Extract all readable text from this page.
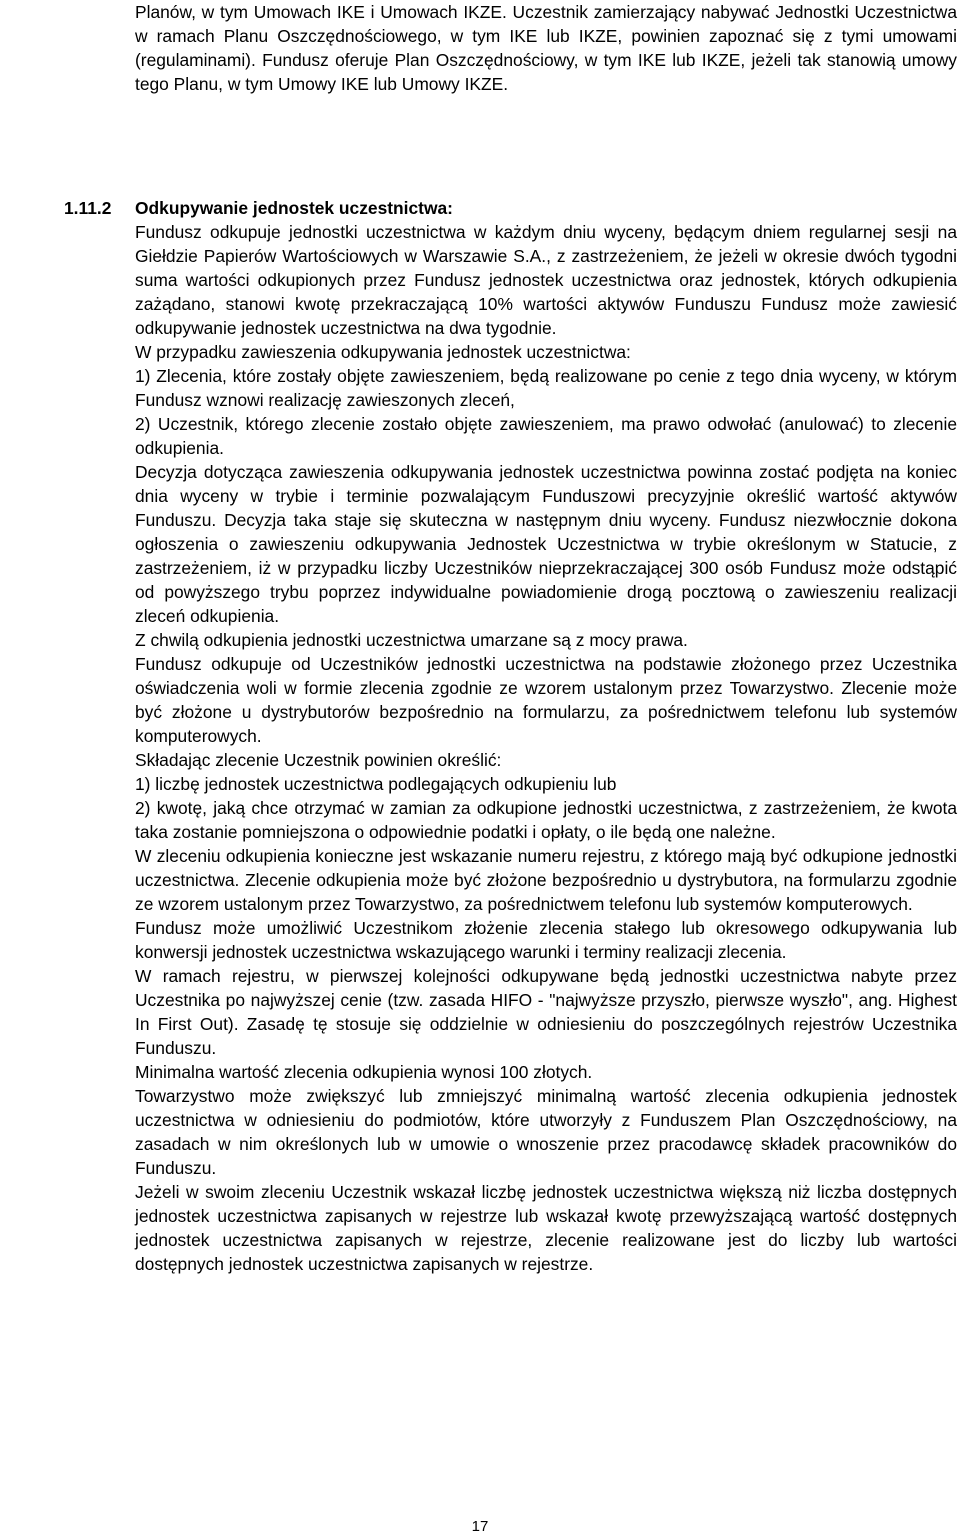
Planów, w tym Umowach IKE i Umowach IKZE. Uczestnik zamierzający nabywać Jednostki Uczestnictwa w ramach Planu Oszczędnościowego, w tym IKE lub IKZE, powinien zapoznać się z tymi umowami (regulaminami). Fundusz oferuje Plan Oszczędnościowy, w tym IKE lub IKZE, jeżeli tak stanowią umowy tego Planu, w tym Umowy IKE lub Umowy IKZE.

1.11.2 Odkupywanie jednostek uczestnictwa:

Fundusz odkupuje jednostki uczestnictwa w każdym dniu wyceny, będącym dniem regularnej sesji na Giełdzie Papierów Wartościowych w Warszawie S.A., z zastrzeżeniem, że jeżeli w okresie dwóch tygodni suma wartości odkupionych przez Fundusz jednostek uczestnictwa oraz jednostek, których odkupienia zażądano, stanowi kwotę przekraczającą 10% wartości aktywów Funduszu Fundusz może zawiesić odkupywanie jednostek uczestnictwa na dwa tygodnie.

W przypadku zawieszenia odkupywania jednostek uczestnictwa:

1) Zlecenia, które zostały objęte zawieszeniem, będą realizowane po cenie z tego dnia wyceny, w którym Fundusz wznowi realizację zawieszonych zleceń,

2) Uczestnik, którego zlecenie zostało objęte zawieszeniem, ma prawo odwołać (anulować) to zlecenie odkupienia.

Decyzja dotycząca zawieszenia odkupywania jednostek uczestnictwa powinna zostać podjęta na koniec dnia wyceny w trybie i terminie pozwalającym Funduszowi precyzyjnie określić wartość aktywów Funduszu. Decyzja taka staje się skuteczna w następnym dniu wyceny. Fundusz niezwłocznie dokona ogłoszenia o zawieszeniu odkupywania Jednostek Uczestnictwa w trybie określonym w Statucie, z zastrzeżeniem, iż w przypadku liczby Uczestników nieprzekraczającej 300 osób Fundusz może odstąpić od powyższego trybu poprzez indywidualne powiadomienie drogą pocztową o zawieszeniu realizacji zleceń odkupienia.

Z chwilą odkupienia jednostki uczestnictwa umarzane są z mocy prawa.

Fundusz odkupuje od Uczestników jednostki uczestnictwa na podstawie złożonego przez Uczestnika oświadczenia woli w formie zlecenia zgodnie ze wzorem ustalonym przez Towarzystwo. Zlecenie może być złożone u dystrybutorów bezpośrednio na formularzu, za pośrednictwem telefonu lub systemów komputerowych.

Składając zlecenie Uczestnik powinien określić:

1) liczbę jednostek uczestnictwa podlegających odkupieniu lub

2) kwotę, jaką chce otrzymać w zamian za odkupione jednostki uczestnictwa, z zastrzeżeniem, że kwota taka zostanie pomniejszona o odpowiednie podatki i opłaty, o ile będą one należne.

W zleceniu odkupienia konieczne jest wskazanie numeru rejestru, z którego mają być odkupione jednostki uczestnictwa. Zlecenie odkupienia może być złożone bezpośrednio u dystrybutora, na formularzu zgodnie ze wzorem ustalonym przez Towarzystwo, za pośrednictwem telefonu lub systemów komputerowych.

Fundusz może umożliwić Uczestnikom złożenie zlecenia stałego lub okresowego odkupywania lub konwersji jednostek uczestnictwa wskazującego warunki i terminy realizacji zlecenia.

W ramach rejestru, w pierwszej kolejności odkupywane będą jednostki uczestnictwa nabyte przez Uczestnika po najwyższej cenie (tzw. zasada HIFO - "najwyższe przyszło, pierwsze wyszło", ang. Highest In First Out). Zasadę tę stosuje się oddzielnie w odniesieniu do poszczególnych rejestrów Uczestnika Funduszu.

Minimalna wartość zlecenia odkupienia wynosi 100 złotych.

Towarzystwo może zwiększyć lub zmniejszyć minimalną wartość zlecenia odkupienia jednostek uczestnictwa w odniesieniu do podmiotów, które utworzyły z Funduszem Plan Oszczędnościowy, na zasadach w nim określonych lub w umowie o wnoszenie przez pracodawcę składek pracowników do Funduszu.

Jeżeli w swoim zleceniu Uczestnik wskazał liczbę jednostek uczestnictwa większą niż liczba dostępnych jednostek uczestnictwa zapisanych w rejestrze lub wskazał kwotę przewyższającą wartość dostępnych jednostek uczestnictwa zapisanych w rejestrze, zlecenie realizowane jest do liczby lub wartości dostępnych jednostek uczestnictwa zapisanych w rejestrze.

17
